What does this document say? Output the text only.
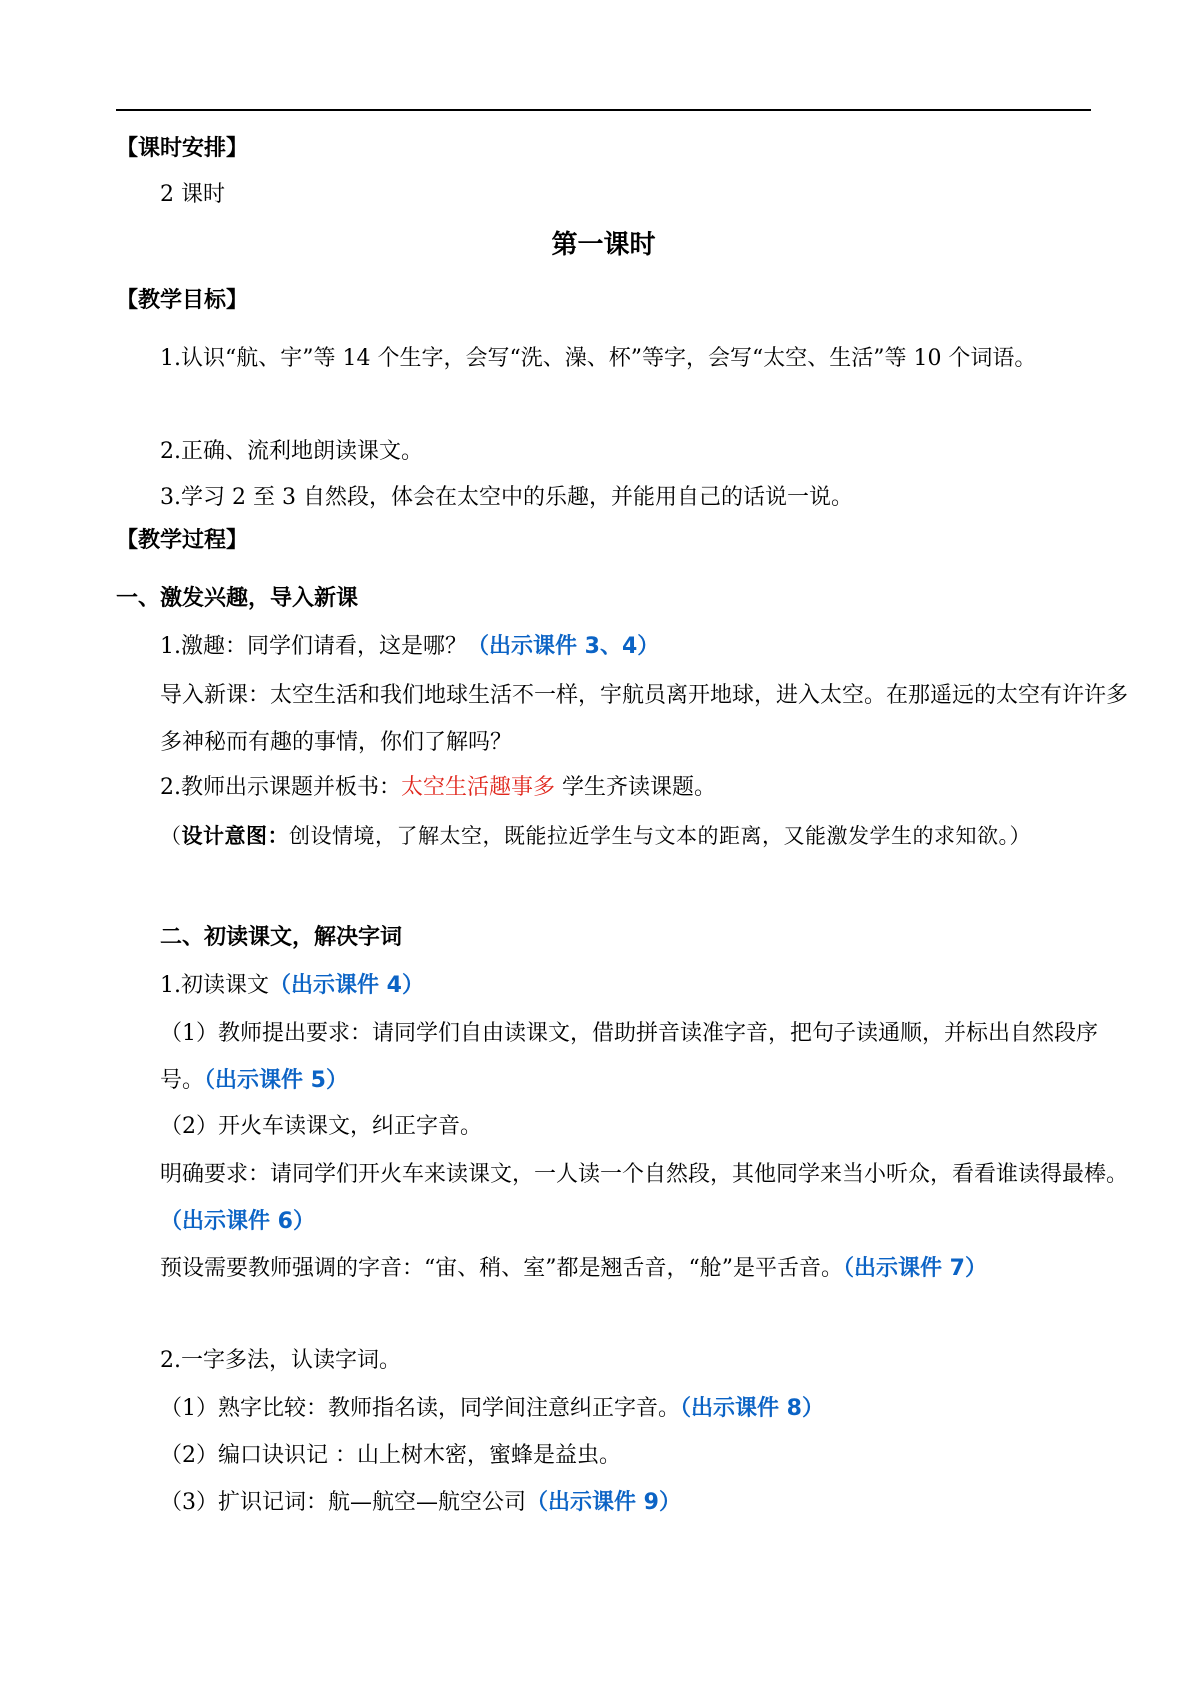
【课时安排】
2 课时
第一课时
【教学目标】
1.认识“航、宇”等 14 个生字，会写“洗、澡、杯”等字，会写“太空、生活”等 10 个词语。
2.正确、流利地朗读课文。
3.学习 2 至 3 自然段，体会在太空中的乐趣，并能用自己的话说一说。
【教学过程】
一、激发兴趣，导入新课
1.激趣：同学们请看，这是哪？（出示课件 3、4）
导入新课：太空生活和我们地球生活不一样，宇航员离开地球，进入太空。在那遥远的太空有许许多多神秘而有趣的事情，你们了解吗？
2.教师出示课题并板书：太空生活趣事多 学生齐读课题。
（设计意图：创设情境，了解太空，既能拉近学生与文本的距离，又能激发学生的求知欲。）
二、初读课文，解决字词
1.初读课文（出示课件 4）
（1）教师提出要求：请同学们自由读课文，借助拼音读准字音，把句子读通顺，并标出自然段序号。（出示课件 5）
（2）开火车读课文，纠正字音。
明确要求：请同学们开火车来读课文，一人读一个自然段，其他同学来当小听众，看看谁读得最棒。（出示课件 6）
预设需要教师强调的字音：“宙、稍、室”都是翘舌音，“舱”是平舌音。（出示课件 7）
2.一字多法，认读字词。
（1）熟字比较：教师指名读，同学间注意纠正字音。（出示课件 8）
（2）编口诀识记 ：山上树木密，蜜蜂是益虫。
（3）扩识记词：航—航空—航空公司（出示课件 9）
